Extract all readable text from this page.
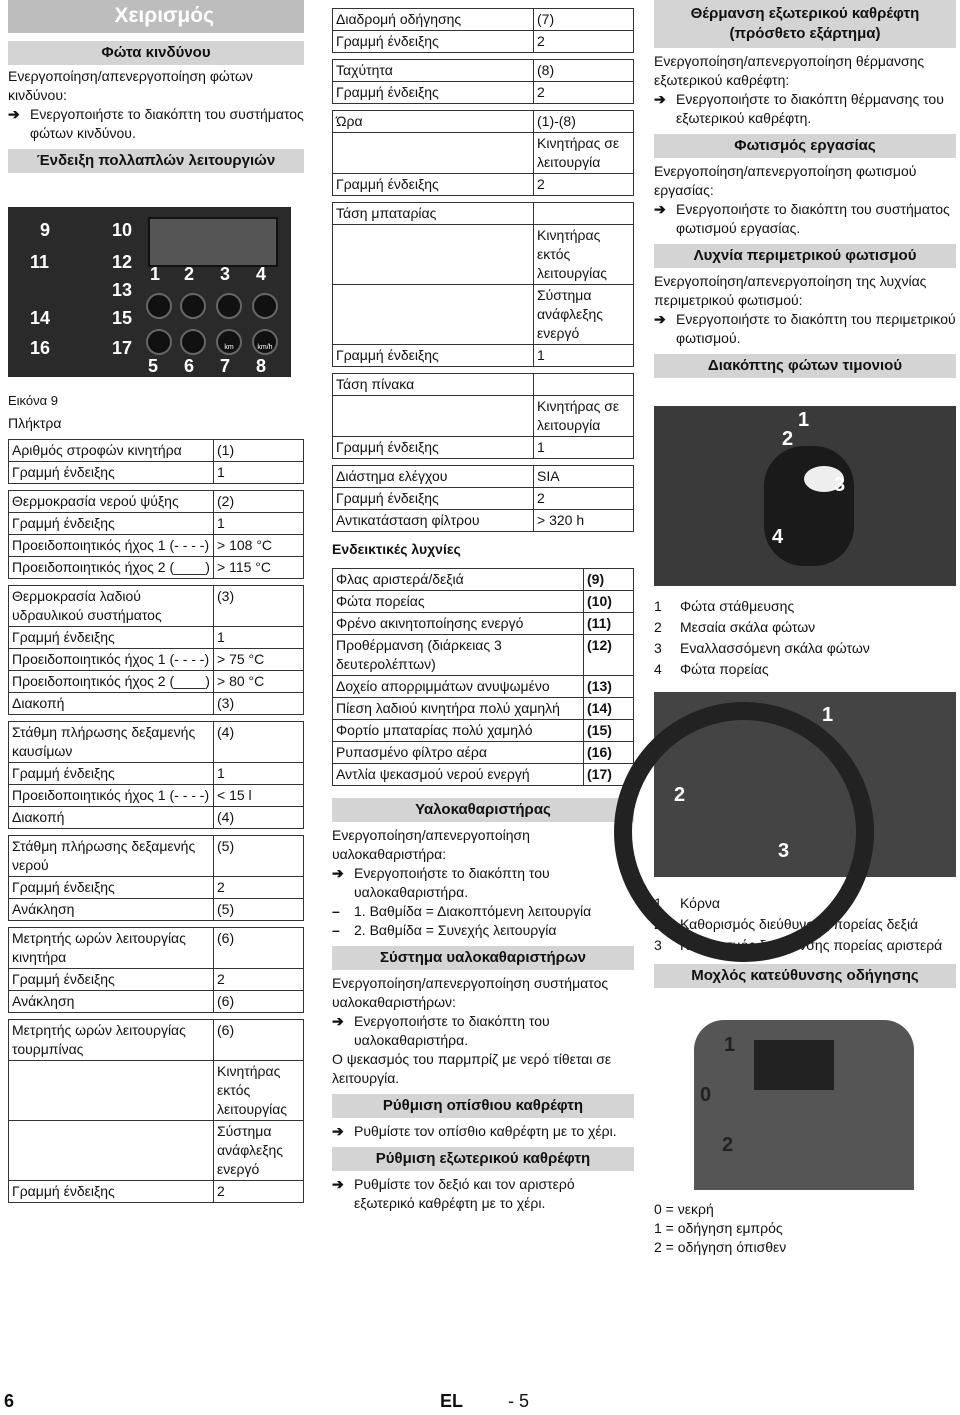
Χειρισμός
Φώτα κινδύνου
Ενεργοποίηση/απενεργοποίηση φώτων κινδύνου:
➔ Ενεργοποιήστε το διακόπτη του συστήματος φώτων κινδύνου.
Ένδειξη πολλαπλών λειτουργιών
9	10
11	12
13
14	15
16	17
1 2 3 4
5 6 7 8
km	km/h
Εικόνα 9
Πλήκτρα
Αριθμός στροφών κινητήρα	(1)
Γραμμή ένδειξης	1
Θερμοκρασία νερού ψύξης	(2)
Γραμμή ένδειξης	1
Προειδοποιητικός ήχος 1 (- - - -)	> 108 °C
Προειδοποιητικός ήχος 2 (____)	> 115 °C
Θερμοκρασία λαδιού υδραυλικού συστήματος	(3)
Γραμμή ένδειξης	1
Προειδοποιητικός ήχος 1 (- - - -)	> 75 °C
Προειδοποιητικός ήχος 2 (____)	> 80 °C
Διακοπή	(3)
Στάθμη πλήρωσης δεξαμενής καυσίμων	(4)
Γραμμή ένδειξης	1
Προειδοποιητικός ήχος 1 (- - - -)	< 15 l
Διακοπή	(4)
Στάθμη πλήρωσης δεξαμενής νερού	(5)
Γραμμή ένδειξης	2
Ανάκληση	(5)
Μετρητής ωρών λειτουργίας κινητήρα	(6)
Γραμμή ένδειξης	2
Ανάκληση	(6)
Μετρητής ωρών λειτουργίας τουρμπίνας	(6)
	Κινητήρας εκτός λειτουργίας
	Σύστημα ανάφλεξης ενεργό
Γραμμή ένδειξης	2
Διαδρομή οδήγησης	(7)
Γραμμή ένδειξης	2
Ταχύτητα	(8)
Γραμμή ένδειξης	2
Ώρα	(1)-(8)
	Κινητήρας σε λειτουργία
Γραμμή ένδειξης	2
Τάση μπαταρίας	
	Κινητήρας εκτός λειτουργίας
	Σύστημα ανάφλεξης ενεργό
Γραμμή ένδειξης	1
Τάση πίνακα	
	Κινητήρας σε λειτουργία
Γραμμή ένδειξης	1
Διάστημα ελέγχου	SIA
Γραμμή ένδειξης	2
Αντικατάσταση φίλτρου	> 320 h
Ενδεικτικές λυχνίες
Φλας αριστερά/δεξιά	(9)
Φώτα πορείας	(10)
Φρένο ακινητοποίησης ενεργό	(11)
Προθέρμανση (διάρκειας 3 δευτερολέπτων)	(12)
Δοχείο απορριμμάτων ανυψωμένο	(13)
Πίεση λαδιού κινητήρα πολύ χαμηλή	(14)
Φορτίο μπαταρίας πολύ χαμηλό	(15)
Ρυπασμένο φίλτρο αέρα	(16)
Αντλία ψεκασμού νερού ενεργή	(17)
Υαλοκαθαριστήρας
Ενεργοποίηση/απενεργοποίηση υαλοκαθαριστήρα:
➔ Ενεργοποιήστε το διακόπτη του υαλοκαθαριστήρα.
– 1. Βαθμίδα = Διακοπτόμενη λειτουργία
– 2. Βαθμίδα = Συνεχής λειτουργία
Σύστημα υαλοκαθαριστήρων
Ενεργοποίηση/απενεργοποίηση συστήματος υαλοκαθαριστήρων:
➔ Ενεργοποιήστε το διακόπτη του υαλοκαθαριστήρα.
Ο ψεκασμός του παρμπρίζ με νερό τίθεται σε λειτουργία.
Ρύθμιση οπίσθιου καθρέφτη
➔ Ρυθμίστε τον οπίσθιο καθρέφτη με το χέρι.
Ρύθμιση εξωτερικού καθρέφτη
➔ Ρυθμίστε τον δεξιό και τον αριστερό εξωτερικό καθρέφτη με το χέρι.
Θέρμανση εξωτερικού καθρέφτη (πρόσθετο εξάρτημα)
Ενεργοποίηση/απενεργοποίηση θέρμανσης εξωτερικού καθρέφτη:
➔ Ενεργοποιήστε το διακόπτη θέρμανσης του εξωτερικού καθρέφτη.
Φωτισμός εργασίας
Ενεργοποίηση/απενεργοποίηση φωτισμού εργασίας:
➔ Ενεργοποιήστε το διακόπτη του συστήματος φωτισμού εργασίας.
Λυχνία περιμετρικού φωτισμού
Ενεργοποίηση/απενεργοποίηση της λυχνίας περιμετρικού φωτισμού:
➔ Ενεργοποιήστε το διακόπτη του περιμετρικού φωτισμού.
Διακόπτης φώτων τιμονιού
1
2
3
4
1	Φώτα στάθμευσης
2	Μεσαία σκάλα φώτων
3	Εναλλασσόμενη σκάλα φώτων
4	Φώτα πορείας
1
2
3
1	Κόρνα
2	Καθορισμός διεύθυνσης πορείας δεξιά
3	Καθορισμός διεύθυνσης πορείας αριστερά
Μοχλός κατεύθυνσης οδήγησης
1
0
2
0 = νεκρή
1 = οδήγηση εμπρός
2 = οδήγηση όπισθεν
6	EL - 5
